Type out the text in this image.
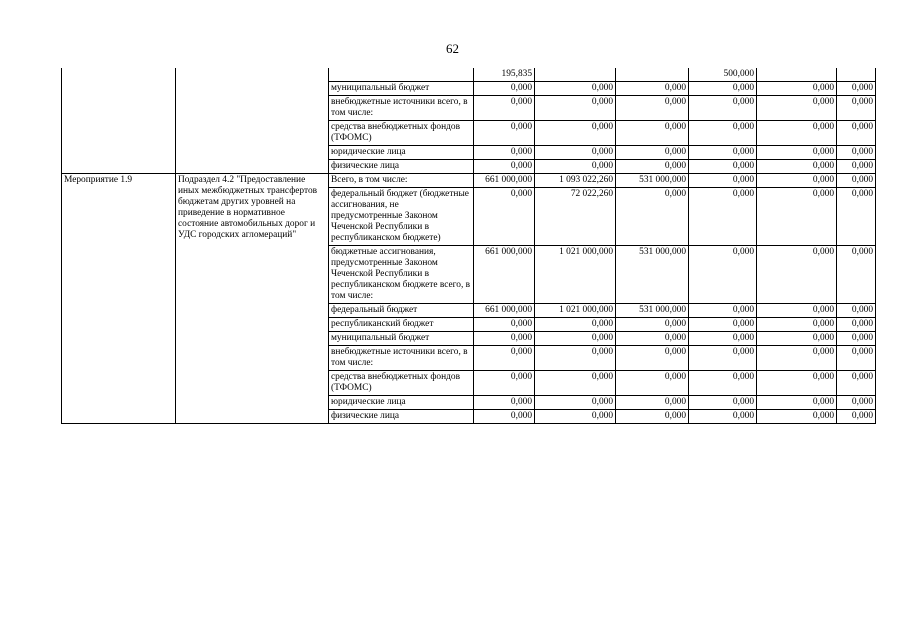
62
			195,835			500,000		
		муниципальный бюджет	0,000	0,000	0,000	0,000	0,000	0,000
		внебюджетные источники всего, в том числе:	0,000	0,000	0,000	0,000	0,000	0,000
		средства внебюджетных фондов (ТФОМС)	0,000	0,000	0,000	0,000	0,000	0,000
		юридические лица	0,000	0,000	0,000	0,000	0,000	0,000
		физические лица	0,000	0,000	0,000	0,000	0,000	0,000
Мероприятие 1.9	Подраздел 4.2 "Предоставление иных межбюджетных трансфертов бюджетам других уровней на приведение в нормативное состояние автомобильных дорог и УДС городских агломераций"	Всего, в том числе:	661 000,000	1 093 022,260	531 000,000	0,000	0,000	0,000
		федеральный бюджет (бюджетные ассигнования, не предусмотренные Законом Чеченской Республики в республиканском бюджете)	0,000	72 022,260	0,000	0,000	0,000	0,000
		бюджетные ассигнования, предусмотренные Законом Чеченской Республики в республиканском бюджете всего, в том числе:	661 000,000	1 021 000,000	531 000,000	0,000	0,000	0,000
		федеральный бюджет	661 000,000	1 021 000,000	531 000,000	0,000	0,000	0,000
		республиканский бюджет	0,000	0,000	0,000	0,000	0,000	0,000
		муниципальный бюджет	0,000	0,000	0,000	0,000	0,000	0,000
		внебюджетные источники всего, в том числе:	0,000	0,000	0,000	0,000	0,000	0,000
		средства внебюджетных фондов (ТФОМС)	0,000	0,000	0,000	0,000	0,000	0,000
		юридические лица	0,000	0,000	0,000	0,000	0,000	0,000
		физические лица	0,000	0,000	0,000	0,000	0,000	0,000
